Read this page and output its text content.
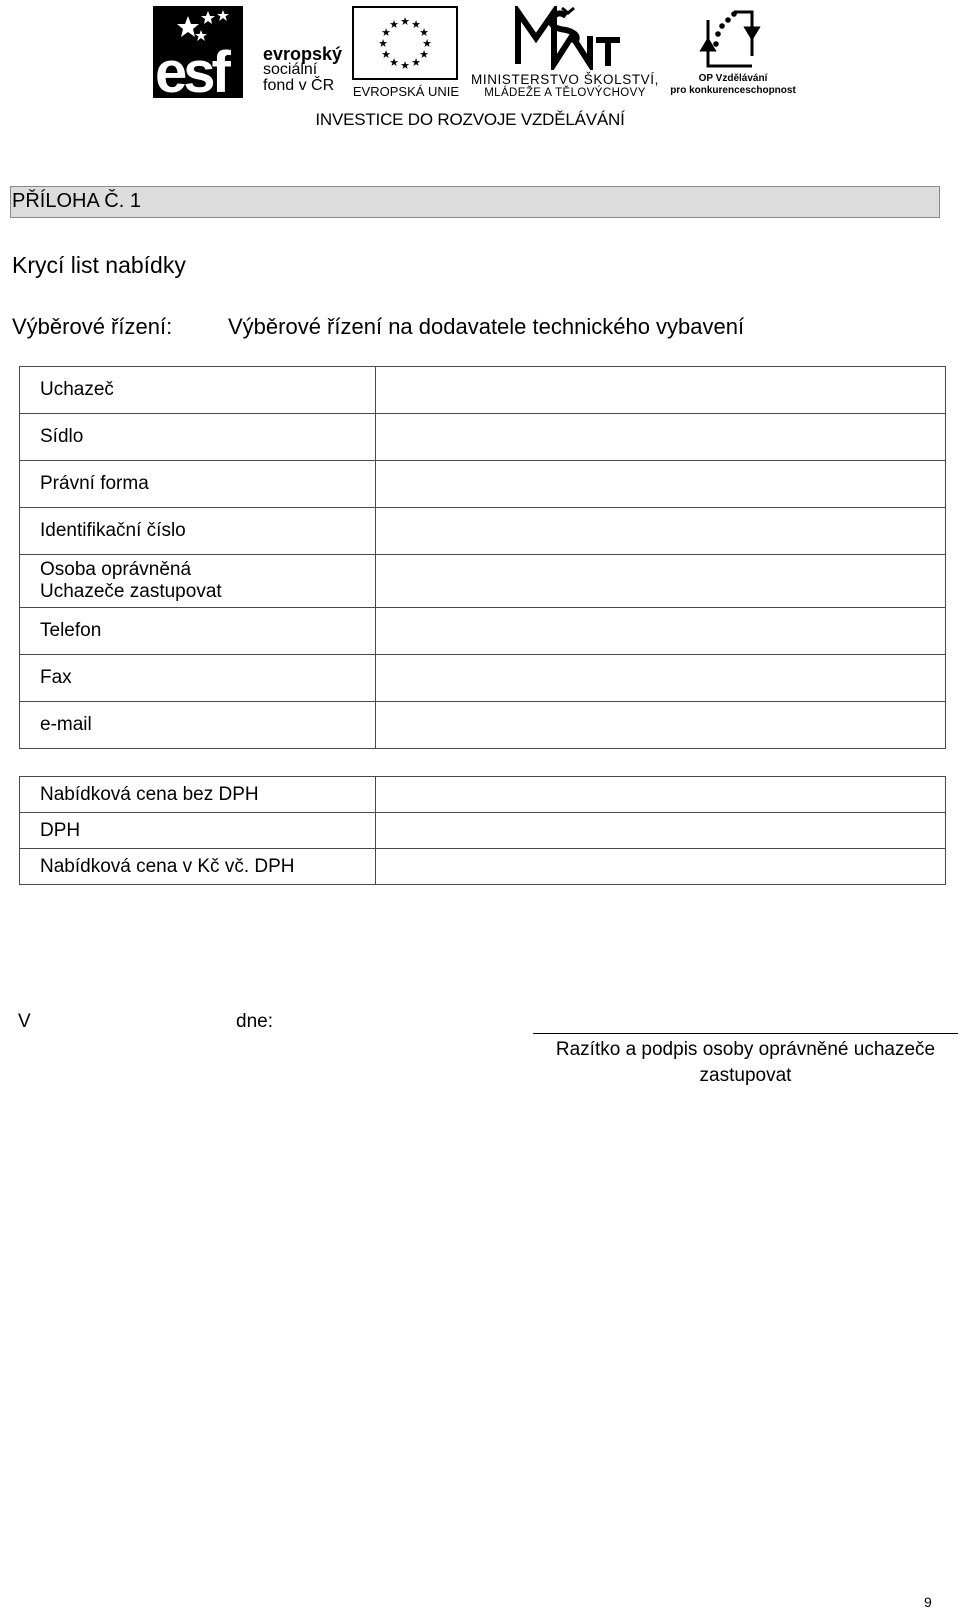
esf evropský
sociální
fond v ČR
★ ★
★
★
★
★
★
★
★
★
★
★
EVROPSKÁ UNIE
MINISTERSTVO ŠKOLSTVÍ,
MLÁDEŽE A TĚLOVÝCHOVY
OP Vzdělávání
pro konkurenceschopnost
INVESTICE DO ROZVOJE VZDĚLÁVÁNÍ
PŘÍLOHA Č. 1
Krycí list nabídky
Výběrové řízení:	Výběrové řízení na dodavatele technického vybavení
Uchazeč	
Sídlo	
Právní forma	
Identifikační číslo	

Osoba oprávněná
Uchazeče zastupovat	

Telefon	
Fax	
e-mail	
Nabídková cena bez DPH	
DPH	
Nabídková cena v Kč vč. DPH	
V	dne:
Razítko a podpis osoby oprávněné uchazeče
zastupovat
9
